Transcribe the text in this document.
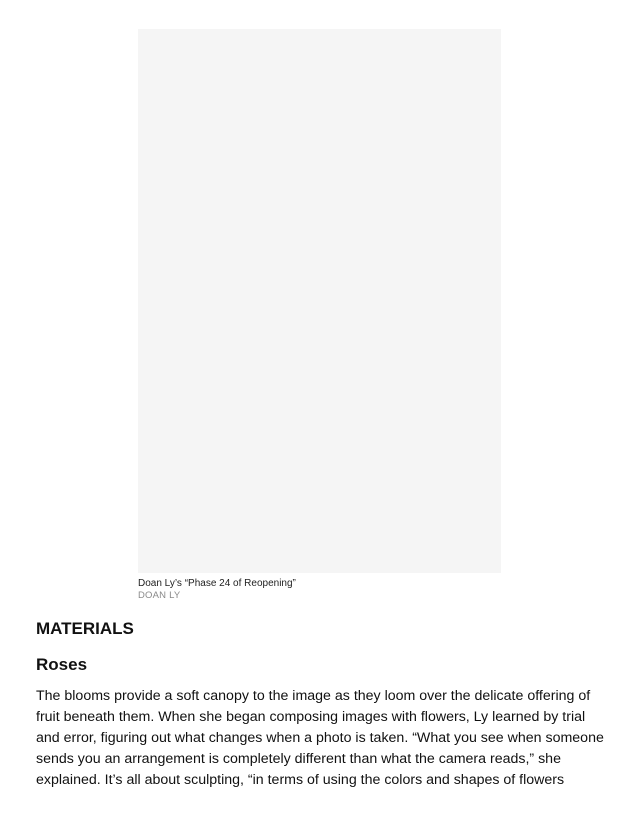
Doan Ly’s “Phase 24 of Reopening”
DOAN LY
MATERIALS
Roses

The blooms provide a soft canopy to the image as they loom over the delicate offering of fruit beneath them. When she began composing images with flowers, Ly learned by trial and error, figuring out what changes when a photo is taken. “What you see when someone sends you an arrangement is completely different than what the camera reads,” she explained. It’s all about sculpting, “in terms of using the colors and shapes of flowers
